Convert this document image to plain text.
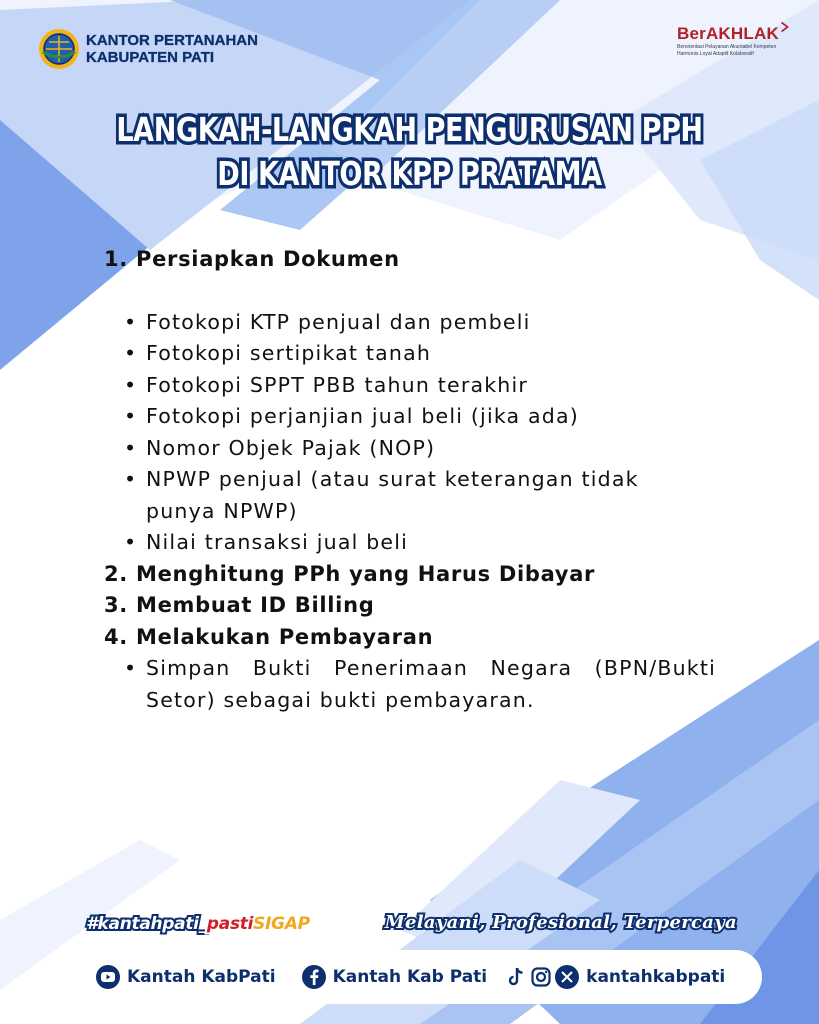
KANTOR PERTANAHAN
KABUPATEN PATI
BerAKHLAK
Berorientasi Pelayanan Akuntabel Kompeten Harmonis Loyal Adaptif Kolaboratif
LANGKAH-LANGKAH PENGURUSAN PPH
DI KANTOR KPP PRATAMA
1. Persiapkan Dokumen
• Fotokopi KTP penjual dan pembeli
• Fotokopi sertipikat tanah
• Fotokopi SPPT PBB tahun terakhir
• Fotokopi perjanjian jual beli (jika ada)
• Nomor Objek Pajak (NOP)
• NPWP penjual (atau surat keterangan tidak punya NPWP)
• Nilai transaksi jual beli
2. Menghitung PPh yang Harus Dibayar
3. Membuat ID Billing
4. Melakukan Pembayaran
• Simpan Bukti Penerimaan Negara (BPN/Bukti Setor) sebagai bukti pembayaran.
#kantahpati_pastiSIGAP	Melayani, Profesional, Terpercaya
Kantah KabPati	Kantah Kab Pati	kantahkabpati
